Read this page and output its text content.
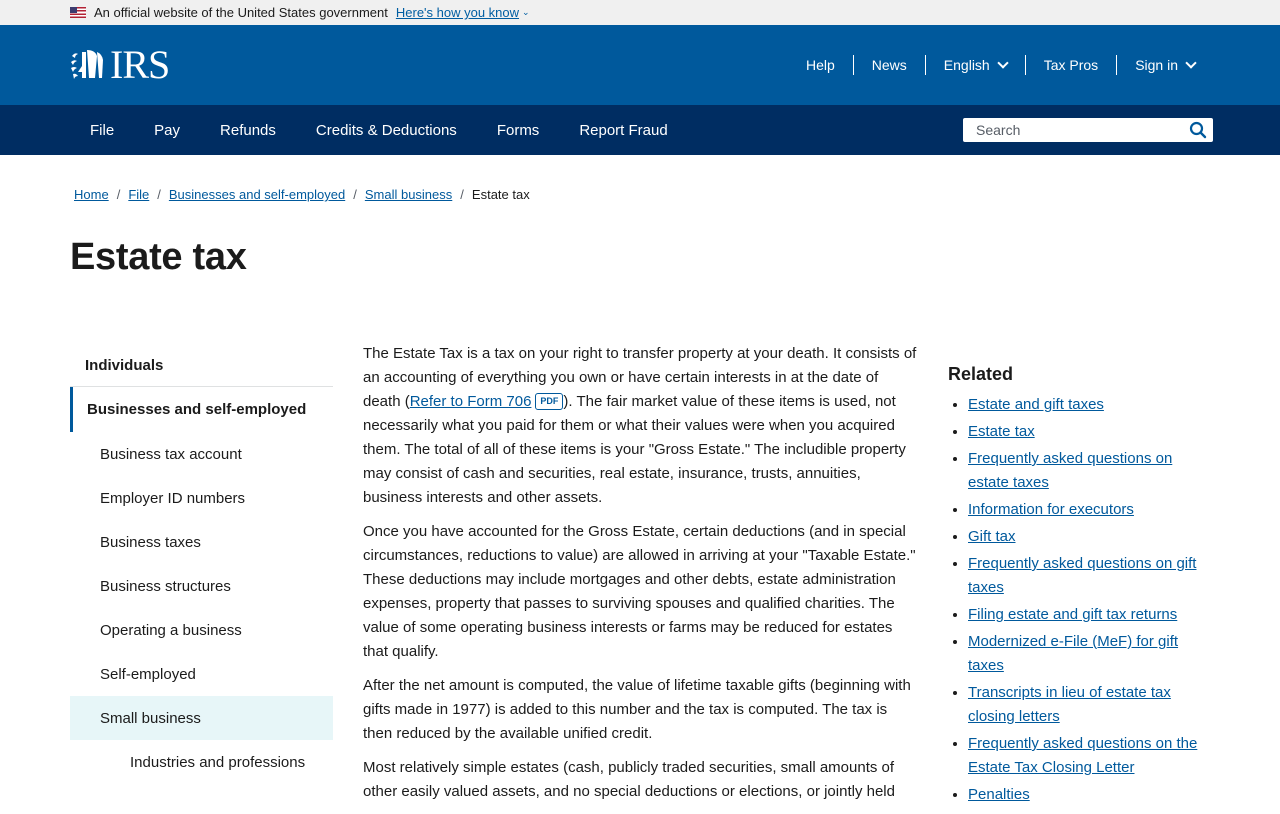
An official website of the United States government Here's how you know ⌄
IRS	Help	News	English	Tax Pros	Sign in
File	Pay	Refunds	Credits & Deductions	Forms	Report Fraud
Search
Home / File / Businesses and self-employed / Small business / Estate tax
Estate tax
Individuals
Businesses and self-employed
Business tax account
Employer ID numbers
Business taxes
Business structures
Operating a business
Self-employed
Small business
Industries and professions

The Estate Tax is a tax on your right to transfer property at your death. It consists of an accounting of everything you own or have certain interests in at the date of death (Refer to Form 706 PDF ). The fair market value of these items is used, not necessarily what you paid for them or what their values were when you acquired them. The total of all of these items is your "Gross Estate." The includible property may consist of cash and securities, real estate, insurance, trusts, annuities, business interests and other assets.

Once you have accounted for the Gross Estate, certain deductions (and in special circumstances, reductions to value) are allowed in arriving at your "Taxable Estate." These deductions may include mortgages and other debts, estate administration expenses, property that passes to surviving spouses and qualified charities. The value of some operating business interests or farms may be reduced for estates that qualify.

After the net amount is computed, the value of lifetime taxable gifts (beginning with gifts made in 1977) is added to this number and the tax is computed. The tax is then reduced by the available unified credit.

Most relatively simple estates (cash, publicly traded securities, small amounts of other easily valued assets, and no special deductions or elections, or jointly held

Related
• Estate and gift taxes
• Estate tax
• Frequently asked questions on estate taxes
• Information for executors
• Gift tax
• Frequently asked questions on gift taxes
• Filing estate and gift tax returns
• Modernized e-File (MeF) for gift taxes
• Transcripts in lieu of estate tax closing letters
• Frequently asked questions on the Estate Tax Closing Letter
• Penalties
